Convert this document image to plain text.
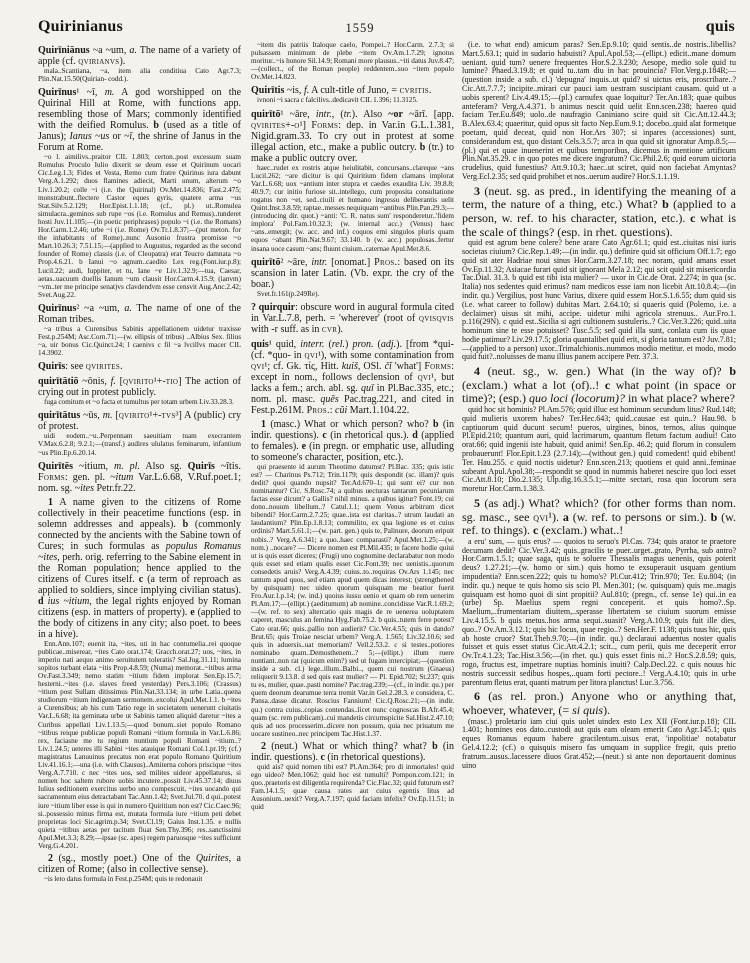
Quirinianus	1559	quis

Quirīniānus ~a ~um, a. The name of a variety of apple (cf. qvirianvs).

mala..Scantiana, ~a, item alia conditiua Cato Agr.7.3; Plin.Nat.15.50(Quirian- codd.).

Quirīnus¹ ~ī, m. A god worshipped on the Quirinal Hill at Rome, with functions app. resembling those of Mars; commonly identified with the deified Romulus. b (used as a title of Janus); Ianus ~us or ~ī, the shrine of Janus in the Forum at Rome.

~o l. aimilivs..praitor CIL 1.803; certon..post excessum suam Romulus Proculo Iulio dixerit se deum esse et Quirinum uocari Cic.Leg.1.3; Fides et Vesta, Remo cum fratre Quirinus iura dabunt Verg.A.1.292; duos flamines adiecit, Marti unum, alterum ~o Liv.1.20.2; colle ~i (i.e. the Quirinal) Ov.Met.14.836; Fast.2.475; monstrabunt..flectere Castor eques gyris, quatere arma ~us Stat.Silv.5.2.129; Hor.Epist.1.1.18; (cf., pl.) ut..Romulea simulacra..geminos sub rupe ~os (i.e. Romulus and Remus)..tunderet hosti Juv.11.105;—(in poetic periphrases) populo ~i (i.e. the Romans) Hor.Carm.1.2.46; urbe ~i (i.e. Rome) Ov.Tr.1.8.37;—(put meton. for the inhabitants of Rome)..nunc Ausonio frustra promisse ~o Mart.10.26.3; 7.51.15;—(applied to Augustus, regarded as the second founder of Rome) classis (i.e. of Cleopatra) erat Teucro damnata ~o Prop.4.6.21. b Ianui ~o agnum..caedito Lex reg.(Font.iur.p.8); Lucil.22; audi, Iuppiter, et tu, Iane ~e Liv.1.32.9;—tua, Caesar, aetas..uacuum duellis Ianum ~um clausit Hor.Carm.4.15.9; (ianvm) ~vm..ter me principe senat)vs clavdendvm esse censvit Aug.Anc.2.42; Svet.Aug.22.

Quirīnus² ~a ~um, a. The name of one of the Roman tribes.

~a tribus a Curensibus Sabinis appellationem uidetur traxisse Fest.p.254M; Asc.Corn.71;—(w. ellipsis of tribus) ..Albius Sex. filius ~a, uir bonus Cic.Quinct.24; l caenivs c fil ~a lvcillvs macer CIL 14.3902.

Quirīs: see qvirites.

quirītātiō ~ōnis, f. [qvirito¹+-tio] The action of crying out in protest publicly.

fuga comitum et ~o facta et tumultus per totam urbem Liv.33.28.3.

quirītātus ~ūs, m. [qvirito¹+-tvs³] A (public) cry of protest.

uidi eodem..~u..Perpennam saeuitiam tuam execrantem V.Max.6.2.8; 9.2.1;—(transf.) audires ululatus feminarum, infantium ~us Plin.Ep.6.20.14.

Quirītēs ~itium, m. pl. Also sg. Quirīs ~ītis. Forms: gen. pl. ~itum Var.L.6.68, V.Ruf.poet.1; nom. sg. ~ites Petr.fr.22.

1 A name given to the citizens of Rome collectively in their peacetime functions (esp. in solemn addresses and appeals). b (commonly connected by the ancients with the Sabine town of Cures; in such formulas as populus Romanus ~ites, perh. orig. referring to the Sabine element in the Roman population; hence applied to the citizens of Cures itself. c (a term of reproach as applied to soldiers, since implying civilian status). d ius ~itium, the legal rights enjoyed by Roman citizens (esp. in matters of property). e (applied to the body of citizens in any city; also poet. to bees in a hive).

Enn.Ann.107; euenit ita, ~ites, uti in hac contumelia..rei quoque publicae..miserear, ~ites Cato orat.174; Gracch.orat.27; uos, ~ites, in imperio nati aequo animo seruitutem toleratis? Sal.Jug.31.11; lumina sopitos turbant elata ~itis Prop.4.8.59; (Numa) memorat..~itibus arma Ov.Fast.3.349; nemo statim ~itium fidem implorat Sen.Ep.15.7; hesterni..~ites (i.e. slaves freed yesterday) Pers.3.106; (Crassus) ~itium post Sullam ditissimus Plin.Nat.33.134; in urbe Latia..quena studiorum ~itium indigenam sermonem..excolui Apul.Met.1.1. b ~ites a Curensibus; ab his cum Tatio rege in societatem uenerunt ciuitatis Var.L.6.68; ita geminata urbe ut Sabinis tamen aliquid daretur ~ites a Curibus appellati Liv.1.13.5;—quod bonum..siet populo Romano ~itibus reique publicae populi Romani ~itium formula in Var.L.6.86; rex, faciasne me tu regium nuntium populi Romani ~itium..? Liv.1.24.5; ueteres illi Sabini ~ites atauique Romani Col.1.pr.19; (cf.) magistratus Lanuuinus precatus non erat populo Romano Quiritium Liv.41.16.1;—una (i.e. with Clausus)..Amiterna cohors priscique ~ites Verg.A.7.710. c nec ~ites uos, sed milites uideor appellaturus, si nomen hoc saltem rubore uobis incutere..possit Liv.45.37.14; diuus Iulius seditionem exercitus uerbo uno compescuit, ~ites uocando qui sacramentum eius detractabant Tac.Ann.1.42; Svet.Jul.70. d qui..potest iure ~itium liber esse is qui in numero Quiritium non est? Cic.Caec.96; si..possessio minus firma est, mutata formula iure ~itium peti debet proprietas loci Sic.agrim.p.34; Svet.Cl.19; Gaius Inst.1.35. e nullis quieta ~itibus aetas per tacitum fluat Sen.Thy.396; res..sanctissimi Apul.Met.3.3; 8.29;—ipsae (sc. apes) regem paruosque ~ites sufficiunt Verg.G.4.201.

2 (sg., mostly poet.) One of the Quirites, a citizen of Rome; (also in collective sense).

~is leto datus formula in Fest.p.254M; quis te redonauit

~item dis patriis Italoque caelo, Pompei..? Hor.Carm. 2.7.3; si pulsassem minimum de plebe ~item Ov.Am.1.7.29; ignotus moritur..~is honore Sil.14.9; Romani more plausus..~iti datus Juv.8.47;—(collect., of the Roman people) reddentem..suo ~item populo Ov.Met.14.823.

Quirītis ~is, f. A cult-title of Juno, = cvritis.

ivnoni ~i sacra c falcilivs..dedicavit CIL 1.396; 11.3125.

quirītō¹ ~āre, intr., (tr.). Also ~or ~ārī. [app. qvirites+-o¹] Forms: dep. in Var.in G.L.1.381, Nigid.gram.33. To cry out in protest at some illegal action, etc., make a public outcry. b (tr.) to make a public outcry over.

haec..rudet ex rostris atque heiulitabit, concursans..clareque ~ans Lucil.262; ~are dicitur is qui Quiritium fidem clamans implorat Var.L.6.68; uox ~antium inter stupra et caedes exaudita Liv. 39.8.8; 40.9.7; cur initio furiose sit..intellego, cum proposita consultatione rogatus non ~et, sed..ciuili et humano ingressu deliberantis uelit Quint.Inst.3.8.59; raptae..messes nequiquam ~antibus Plin.Pan.29.3;—(introducing dir. quot.) ~anti: 'C. R. natus sum' responderetur..'fidem implora' Pol.Fam.10.32.3; (w. internal acc.) (Venus) haec ~ans..emergit; (w. acc. and inf.) coquos emi singulos pluris quam equos ~abant Plin.Nat.9.67; 33.140. b (w. acc.) populosas..fertur insana uoce casum ~ans; fluunt ciuium..caternae Apul.Met.8.6.

quirītō² ~āre, intr. [onomat.] Pros.: based on its scansion in later Latin. (Vb. expr. the cry of the boar.)

Svet.fr.161(p.249Re).

? quirquir: obscure word in augural formula cited in Var.L.7.8, perh. = 'wherever' (root of qvisqvis with -r suff. as in cvr).

quis¹ quid, interr. (rel.) pron. (adj.). [from *qui- (cf. *quo- in qvi¹), with some contamination from qvi¹; cf. Gk. τίς, Hitt. kuiš, OSl. čĭ 'what'] Forms: except in nom., follows declension of qvi¹, but lacks a fem.; arch. abl. sg. quī in Pl.Bac.335, etc.; nom. pl. masc. quēs Pac.trag.221, and cited in Fest.p.261M. Pros.: cŭi Mart.1.104.22.

1 (masc.) What or which person? who? b (in indir. questions). c (in rhetorical qus.). d (applied to females). e (in pregn. or emphatic use, alluding to someone's character, position, etc.).

qui praesente id aurum Theotimo datumst? Pl.Bac. 335; quis istic est? — Charinus Ps.712; Trin.1179; quis despondit (sc. illam)? quis dedit? quoi quando nupsit? Ter.Ad.670–1; qui sunt ei? cur non nominantur? Cic. S.Rosc.74; a quibus uecturas tantarum pecuniarum factas esse dicunt? a Gallis? nihil minus. a quibus igitur? Font.19; cui dono..nouum libellum..? Catul.1.1; quem Venus arbitrum dicet bibendi? Hor.Carm.2.7.25; quae..ista est claritas..? utrum laudati an laudantium? Plin.Ep.1.8.13; commilito, ex qua legione es et cuius ordinis? Mart.5.61.1;—(w. part. gen.) quis te, Palinure, deorum eripuit nobis..? Verg.A.6.341; a quo..haec comparasti? Apul.Met.1.25;—(w. nom.) ..nocare? — Dicere nomen est Pl.Mil.435; te facere hodie quiui ut is quis esset diceres; (Frugi) uno cognomine declarabatur non modo quis esset sed etiam qualis esset Cic.Font.39; nec uenistis..quorum consedetis aruis? Verg.A.4.39; cuius..to..requiras Ov.Ars 1.145; nec tantum apud quos, sed etiam apud quem dicas interest; (strengthened by quisquam) nec uideo quorum quisquam me beatior fuerit Fro.Aur.1.p.14; (w. ind.) quoius iussu uenio et quam ob rem uenerim Pl.Am.17;—(ellipt.) (aeditumum) ab nomine..concidisse Var.R.1.69.2;—(w. ref. to sex) altercatio quis magis de re uenerea uoluptatem caperet, masculus an femina Hyg.Fab.75.2. b quis..tutem ferre potest? Cato orat.66; quis..pallio non audierit? Cic.Ver.4.55; quis in dando? Brut.65; quis Troiae nesciat urbem? Verg.A. 1.565; Liv.32.10.6; sed quis in aduersis..uat memoriam? Vell.2.53.2. c si testes..potiores nominabo quam..Demosthenem..? 5;—(ellipt.) illum ruere nuntiant..non rat (quicum enim?) sed ut fugam intercipiat;—(question inside a sub. cl.) lege..illum..Balbi.., quem cui nostrum (Gnaeus) reliquerit 9.13.8. d sed quis east mulier? — Pl. Epid.702; St.237; quis tu es, mulier, quae..pasti nomine? Pac.trag.239;—(cf., in indir. qu.) per quem deorum dearumue terra tremit Var.in Gel.2.28.3. e considera, C. Pansa..dasse dicatur. Roscius Fannium! Cic.Q.Rosc.21;—(in indir. qu.) contra cuius..copias contendas..licet nunc cognoscas B.Afr.45.4; quam (sc. rem publicam)..cui mandetis circumspicite Sal.Hist.2.47.10; quis ad uos processerim..dicere non possum, quia nec priuatum me uocare sustineo..nec principem Tac.Hist.1.37.

2 (neut.) What or which thing? what? b (in indir. questions). c (in rhetorical questions).

quid ais? quid nomen tibi est? Pl.Am.364; pro di inmortales! quid ego uideo? Men.1062; quid hoc est tumulti? Pompon.com.121; in quo..praetoris est diligentia requirenda? Cic.Flac.32; quid futurum est? Fam.14.1.5; quae causa rates aut cuius egentis litus ad Ausonium..uexit? Verg.A.7.197; quid faciam infelix? Ov.Ep.11.51; in quid

(i.e. to what end) amicum paras? Sen.Ep.9.10; quid sentis..de nostris..libellis? Mart.5.63.1; quid in sudario habuisti? Apul.Apol.53;—(ellipt.) edicit..mane domum ueniant. quid tum? uenere frequentes Hor.S.2.3.230; Aesope, medio sole quid tu lumine? Phaed.3.19.8; et quid tu..tam diu in hac prouincia? Flor.Verg.p.184R;—(question inside a sub. cl.) 'depugna' inquis..ut quid? si uictus eris, proscribare..? Cic.Att.7.7.7; incipite..mirari cur pauci iam uestram suscipiant causam. quid ut a uobis sperent? Liv.4.49.15;—(pl.) carnufex quae loquitur? Ter.An.183; quae quibus anteferam? Verg.A.4.371. b animus nescit quid uelit Enn.scen.238; haereo quid faciam Ter.Eu.849; uolo..de naufragio Caniniano scire quid sit Cic.Att.12.44.3; B.Alex.63.4; quaeritur, quid opus sit facto Nep.Eum.9.1; docebo..quid alat formetque poetam, quid deceat, quid non Hor.Ars 307; si inpares (accessiones) sunt, considerandum est, quo distant Cels.3.5.7; arca in qua quid sit ignoratur Amp.8.5;—(pl.) qui et quae inuenerint et quibus temporibus, dicemus in mentione artificum Plin.Nat.35.29. c in quo potes me dicere ingratum? Cic.Phil.2.6; quid eorum uictoria crudelius, quid funestius? Att.9.10.3; haec..ut sciret, quid non faciebat Amyntas? Verg.Ecl.2.35; sed quid prohibet et nos..uerum audire? Hor.S.1.1.19.

3 (neut. sg. as pred., in identifying the meaning of a term, the nature of a thing, etc.) What? b (applied to a person, w. ref. to his character, station, etc.). c what is the scale of things? (esp. in rhet. questions).

quid est agrum bene colere? bene arare Cato Agr.61.1; quid est..ciuitas nisi iuris societas ciuium? Cic.Rep.1.49;—(in indir. qu.) definire quid sit officium Off.1.7; ego quid sit ater Hadriae noui sinus Hor.Carm.3.27.18; nec noram, quid amans esset Ov.Ep.11.32; Asiacae furari quid sit ignorant Mela 2.12; qui scit quid sit misericordia Tac.Dial. 31.3. b quid est tibi ista mulier? — uxor in Cic.de Orat. 2.274; in qua (sc. Italia) nos sedentes quid erimus? nam medicos esse iam non licebit Att.10.8.4;—(in indir. qu.) Vergilius, post hunc Varius, dixere quid essem Hor.S.1.6.55; dum quid sis (i.e. what career to follow) dubitas Mart. 2.64.10; si quaeris quid (Polemo, i.e. a declaimer) uisus sit mihi, accipe. uidetur mihi agricola strenuus.. Aur.Fro.1. p.116(29N). c quid est..Sicilia si agri cultionem sustuleris..? Cic.Ver.3.226; quid..uita hominum sine te esse potuisset? Tusc.5.5; sed quid illa sunt, conlata cum iis quae hodie patimur? Liv.29.17.5; gloria quantalibet quid erit, si gloria tantum est? Juv.7.81;—(applied to a person) uxor..Trimalchionis..nummos modio metitur. et modo, modo quid fuit?..noluisses de manu illius panem accipere Petr. 37.3.

4 (neut. sg., w. gen.) What (in the way of)? b (exclam.) what a lot (of)..! c what point (in space or time)?; (esp.) quo loci (locorum)? in what place? where?

quid hoc sit hominis? Pl.Am.576; quid illuc est hominum secundum litus? Rud.148; quid mulieris uxorem habes? Ter.Hec.643; quid..causae est quin..? Hau.98. b captiuorum quid ducunt secum! pueros, uirgines, binos, ternos, alius quinque Pl.Epid.210; quantum auri, quid lacrimarum, quantum fletum factum audiui! Cato orat.66; quid ingenii iste habuit, quid animi! Sen.Ep. 46.2; quid florum in consulem probauerunt! Flor.Epit.1.23 (2.7.14);—(without gen.) quid comedent! quid ebibent! Ter. Hau.255. c quid noctis uidetur? Enn.scen.213; quotiens et quid anni..feminae subeant Apul.Apol.38;—respondit se quod in nummis haberet nescire quo loci esset Cic.Att.8.10; Dio.2.135; Ulp.dig.16.3.5.1;—mitte sectari, rosa quo locorum sera moretur Hor.Carm.1.38.3.

5 (as adj.) What? which? (for other forms than nom. sg. masc., see qvi¹). a (w. ref. to persons or sim.). b (w. ref. to things). c (exclam.) what..!

a eru' sum, — quis erus? — quoios tu seruo's Pl.Cas. 734; quis arator te praetore decumam dedit? Cic.Ver.3.42; quis..gracilis te puer..urget..grato, Pyrrha, sub antro? Hor.Carm.1.5.1; quae saga, quis te soluere Thessalis magus uenenis, quis poterit deus? 1.27.21;—(w. homo or sim.) quis homo te exsuperauit usquam gentium impudentia? Enn.scen.222; quis tu homo's? Pl.Cur.412; Trin.970; Ter. Eu.804; (in indir. qu.) neque te quis homo sis scio Pl. Men.301; (w. quisquam) quis me..magis quisquam est homo quoi di sint propitii? Aul.810; (pregn., cf. sense 1e) qui..in ea (urbe) Sp. Maelius spem regni conceperit. et quis homo?..Sp. Maelium,..frumentariam diuitem,..sperasse libertatem se ciuium suorum emisse Liv.4.15.5. b quis metus..hos arma sequi..suasit? Verg.A.10.9; quis fuit ille dies, quo..? Ov.Am.3.12.1; quis hic locus, quae regio..? Sen.Her.F. 1138; quis tuus hic, quis ab hoste cruor? Stat.Theb.9.70;—(in indir. qu.) declaraui aduentus noster qualis fuisset et quis esset status Cic.Att.4.2.1; scit.., cum perii, quis me deceperit error Ov.Tr.4.1.23; Tac.Hist.3.56;—(in rhet. qu.) quis esset finis ni..? Hor.S.2.8.59; quis, rogo, fructus est, impetrare nuptias hominis inuiti? Calp.Decl.22. c quis nouus hic nostris successit sedibus hospes,..quam forti pectore..! Verg.A.4.10; quis in urbe parentum fletus erat, quanti matrum per litora planctus! Luc.3.756.

6 (as rel. pron.) Anyone who or anything that, whoever, whatever, (= si quis).

(masc.) proletario iam ciui quis uolet uindex esto Lex XII (Font.iur.p.18); CIL 1.401; homines eos dato..custodi aut quis eam oleam emerit Cato Agr.145.1; quis eques Romanus equum habere gracilentum..uisus erat, 'inpolitiae' notabatur Gel.4.12.2; (cf.) o quisquis misero fas umquam in supplice fregit, quis pretio fratrum..ausus..lacessere diuos Grat.452;—(neut.) si ante non deportauerit dominus uino
